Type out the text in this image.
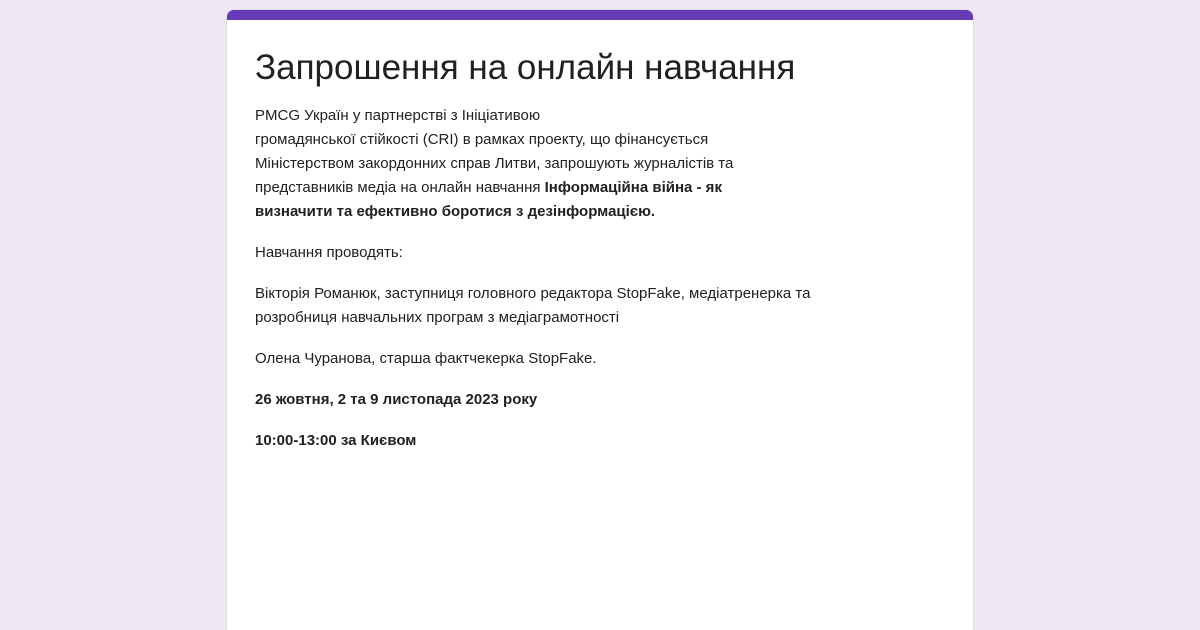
Запрошення на онлайн навчання
PMCG Україн у партнерстві з Ініціативою
громадянської стійкості (CRI) в рамках проекту, що фінансується
Міністерством закордонних справ Литви, запрошують журналістів та
представників медіа на онлайн навчання Інформаційна війна - як
визначити та ефективно боротися з дезінформацією.
Навчання проводять:
Вікторія Романюк, заступниця головного редактора StopFake, медіатренерка та
розробниця навчальних програм з медіаграмотності
Олена Чуранова, старша фактчекерка StopFake.
26 жовтня, 2 та 9 листопада 2023 року
10:00-13:00 за Києвом
